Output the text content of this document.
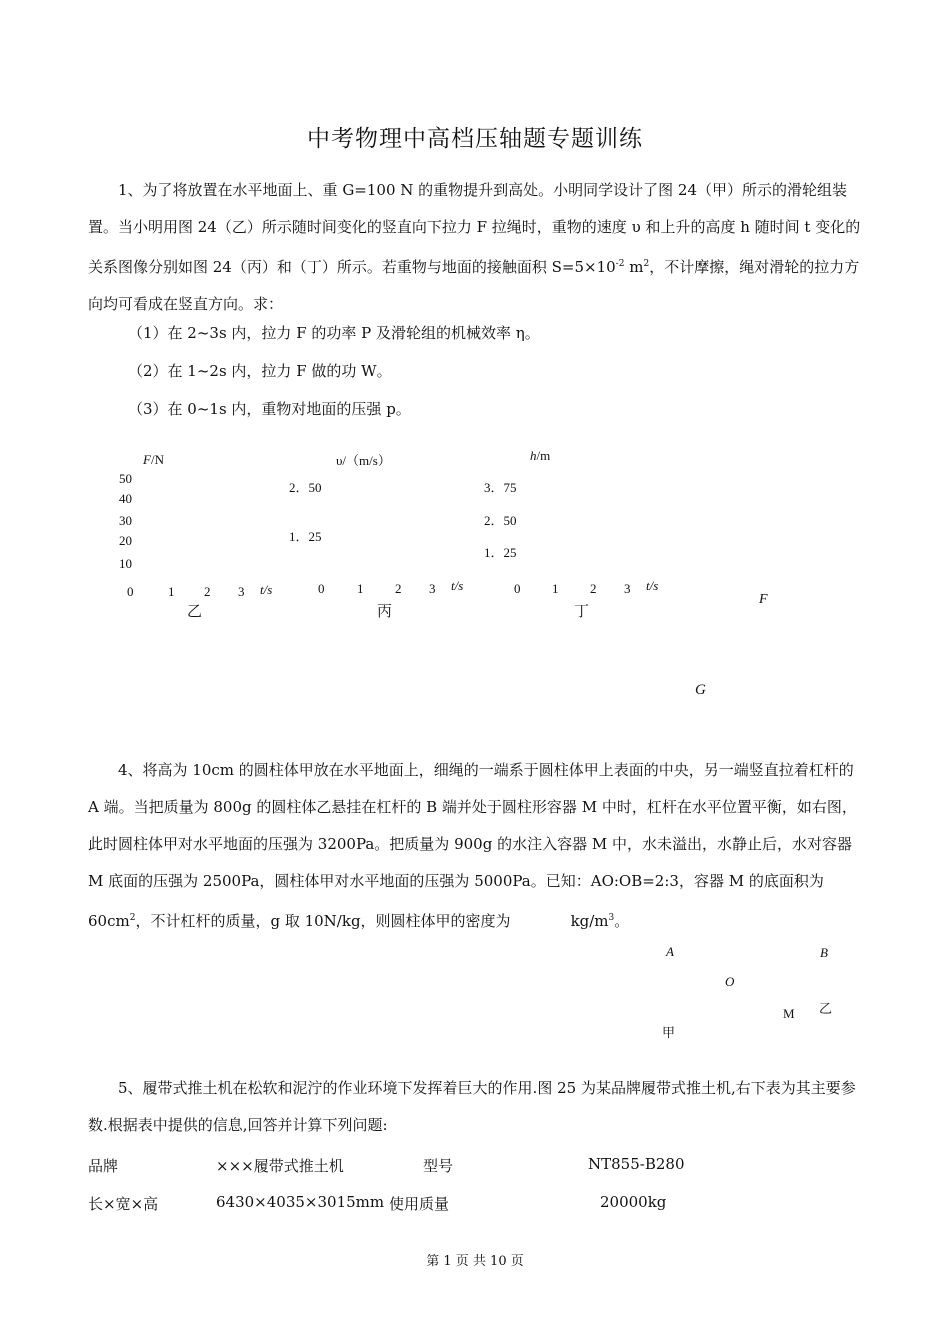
中考物理中高档压轴题专题训练
1、为了将放置在水平地面上、重 G=100 N 的重物提升到高处。小明同学设计了图 24（甲）所示的滑轮组装置。当小明用图 24（乙）所示随时间变化的竖直向下拉力 F 拉绳时，重物的速度 υ 和上升的高度 h 随时间 t 变化的关系图像分别如图 24（丙）和（丁）所示。若重物与地面的接触面积 $S=5\times 10^{-2}$ $m^2$，不计摩擦，绳对滑轮的拉力方向均可看成在竖直方向。求：
（1）在 2~3s 内，拉力 F 的功率 P 及滑轮组的机械效率 η。
（2）在 1~2s 内，拉力 F 做的功 W。
（3）在 0~1s 内，重物对地面的压强 p。
F/N
50
40
30
20
10
0	1 2 3 t/s
乙
υ/（m/s）
2．50
1．25
0	1 2 3 t/s
丙
h/m
3．75
2．50
1．25
0 1 2 3 t/s
丁
F
G
4、将高为 10cm 的圆柱体甲放在水平地面上，细绳的一端系于圆柱体甲上表面的中央，另一端竖直拉着杠杆的 A 端。当把质量为 800g 的圆柱体乙悬挂在杠杆的 B 端并处于圆柱形容器 M 中时，杠杆在水平位置平衡，如右图，此时圆柱体甲对水平地面的压强为 3200Pa。把质量为 900g 的水注入容器 M 中，水未溢出，水静止后，水对容器 M 底面的压强为 2500Pa，圆柱体甲对水平地面的压强为 5000Pa。已知：AO:OB=2:3，容器 M 的底面积为 $60cm^2$，不计杠杆的质量，g 取 10N/kg，则圆柱体甲的密度为	$kg/m^3$。
A
O
B
M 乙
甲
5、履带式推土机在松软和泥泞的作业环境下发挥着巨大的作用.图 25 为某品牌履带式推土机,右下表为其主要参数.根据表中提供的信息,回答并计算下列问题:
品牌	×××履带式推土机	型号	NT855-B280
长×宽×高	6430×4035×3015mm 使用质量	20000kg
第 1 页 共 10 页
